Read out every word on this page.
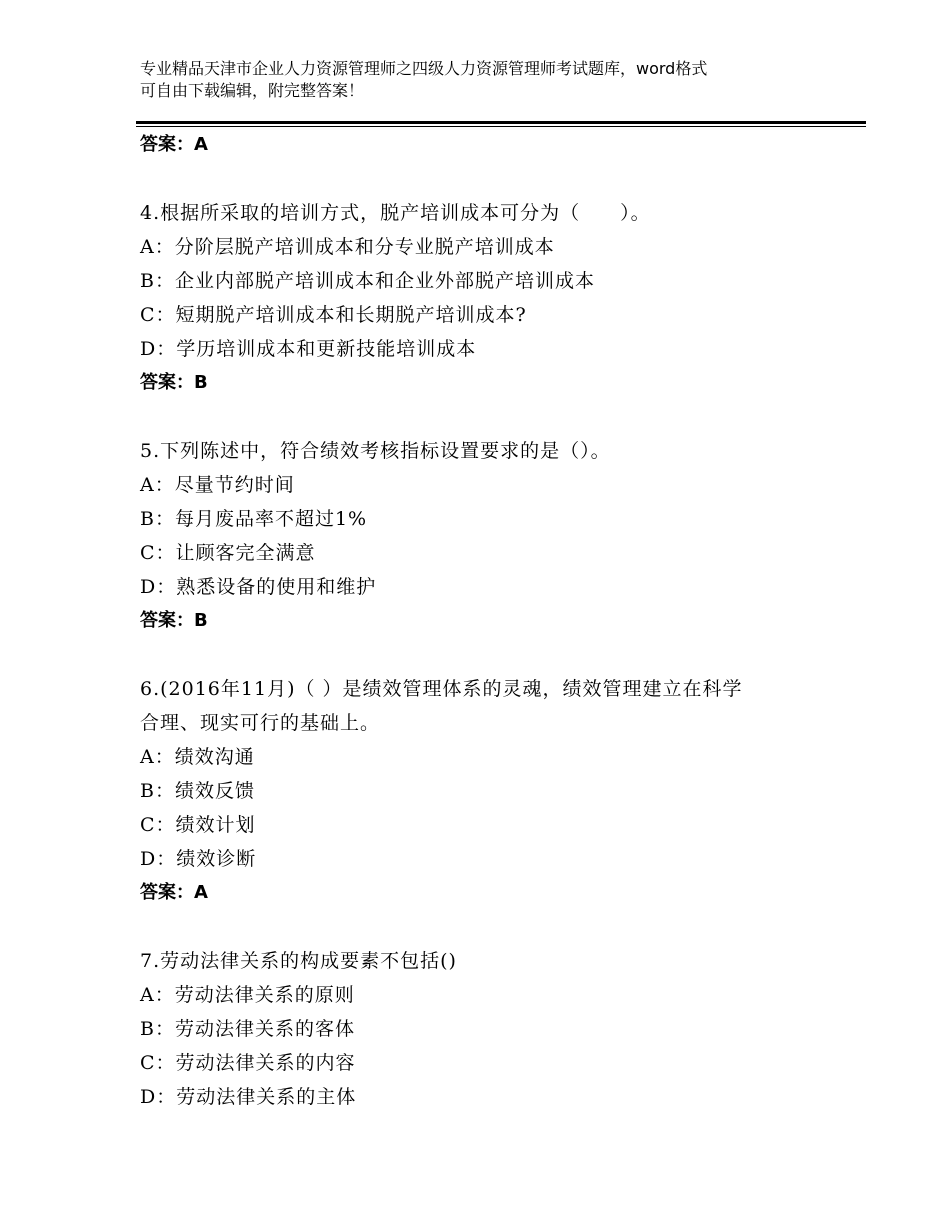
专业精品天津市企业人力资源管理师之四级人力资源管理师考试题库，word格式
可自由下载编辑，附完整答案！
答案：A
4.根据所采取的培训方式，脱产培训成本可分为（　　）。
A：分阶层脱产培训成本和分专业脱产培训成本
B：企业内部脱产培训成本和企业外部脱产培训成本
C：短期脱产培训成本和长期脱产培训成本?
D：学历培训成本和更新技能培训成本
答案：B
5.下列陈述中，符合绩效考核指标设置要求的是（）。
A：尽量节约时间
B：每月废品率不超过1%
C：让顾客完全满意
D：熟悉设备的使用和维护
答案：B
6.(2016年11月)（ ）是绩效管理体系的灵魂，绩效管理建立在科学
合理、现实可行的基础上。
A：绩效沟通
B：绩效反馈
C：绩效计划
D：绩效诊断
答案：A
7.劳动法律关系的构成要素不包括()
A：劳动法律关系的原则
B：劳动法律关系的客体
C：劳动法律关系的内容
D：劳动法律关系的主体
